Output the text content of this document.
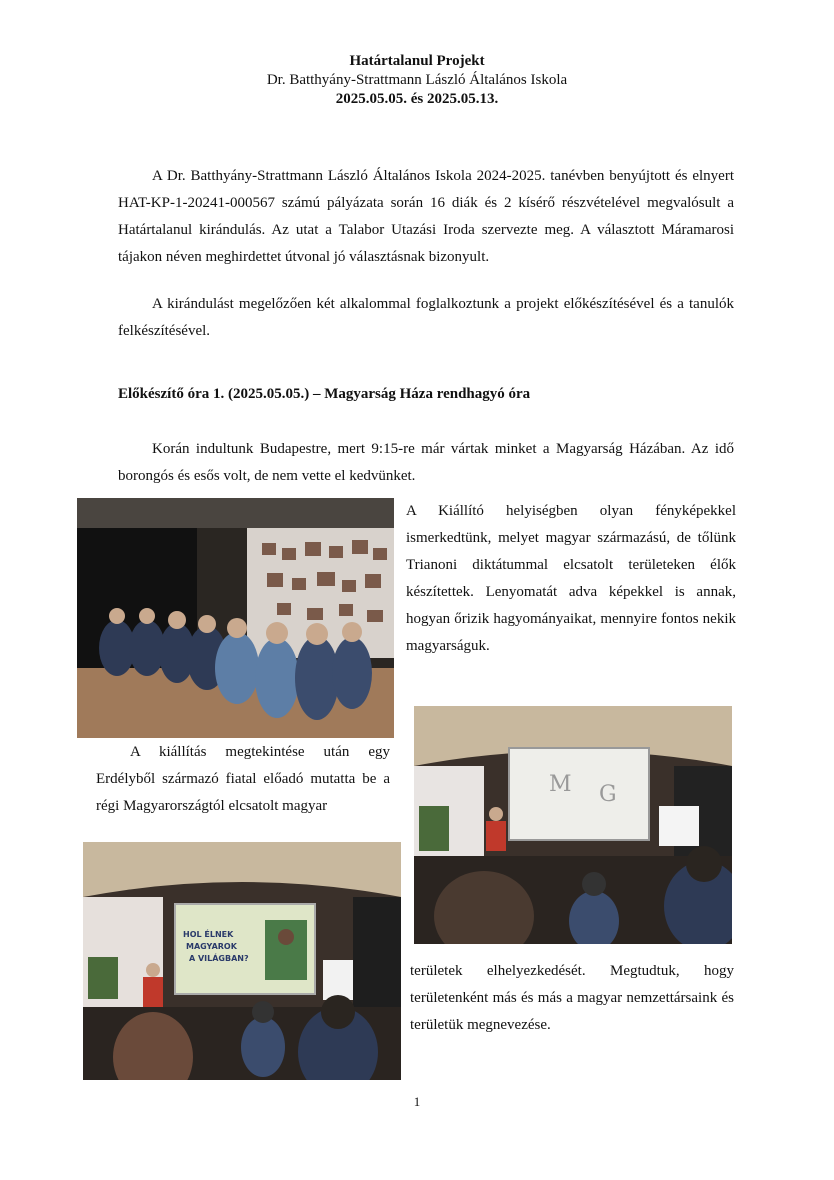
Határtalanul Projekt
Dr. Batthyány-Strattmann László Általános Iskola
2025.05.05. és 2025.05.13.

A Dr. Batthyány-Strattmann László Általános Iskola 2024-2025. tanévben benyújtott és elnyert HAT-KP-1-20241-000567 számú pályázata során 16 diák és 2 kísérő részvételével megvalósult a Határtalanul kirándulás. Az utat a Talabor Utazási Iroda szervezte meg. A választott Máramarosi tájakon néven meghirdettet útvonal jó választásnak bizonyult.

A kirándulást megelőzően két alkalommal foglalkoztunk a projekt előkészítésével és a tanulók felkészítésével.

Előkészítő óra 1. (2025.05.05.) – Magyarság Háza rendhagyó óra

Korán indultunk Budapestre, mert 9:15-re már vártak minket a Magyarság Házában. Az idő borongós és esős volt, de nem vette el kedvünket.

A Kiállító helyiségben olyan fényképekkel ismerkedtünk, melyet magyar származású, de tőlünk Trianoni diktátummal elcsatolt területeken élők készítettek. Lenyomatát adva képekkel is annak, hogyan őrizik hagyományaikat, mennyire fontos nekik magyarságuk.

M G

A kiállítás megtekintése után egy Erdélyből származó fiatal előadó mutatta be a régi Magyarországtól elcsatolt magyar

HOL ÉLNEK
MAGYAROK
A VILÁGBAN?

területek elhelyezkedését. Megtudtuk, hogy területenként más és más a magyar nemzettársaink és területük megnevezése.

1
